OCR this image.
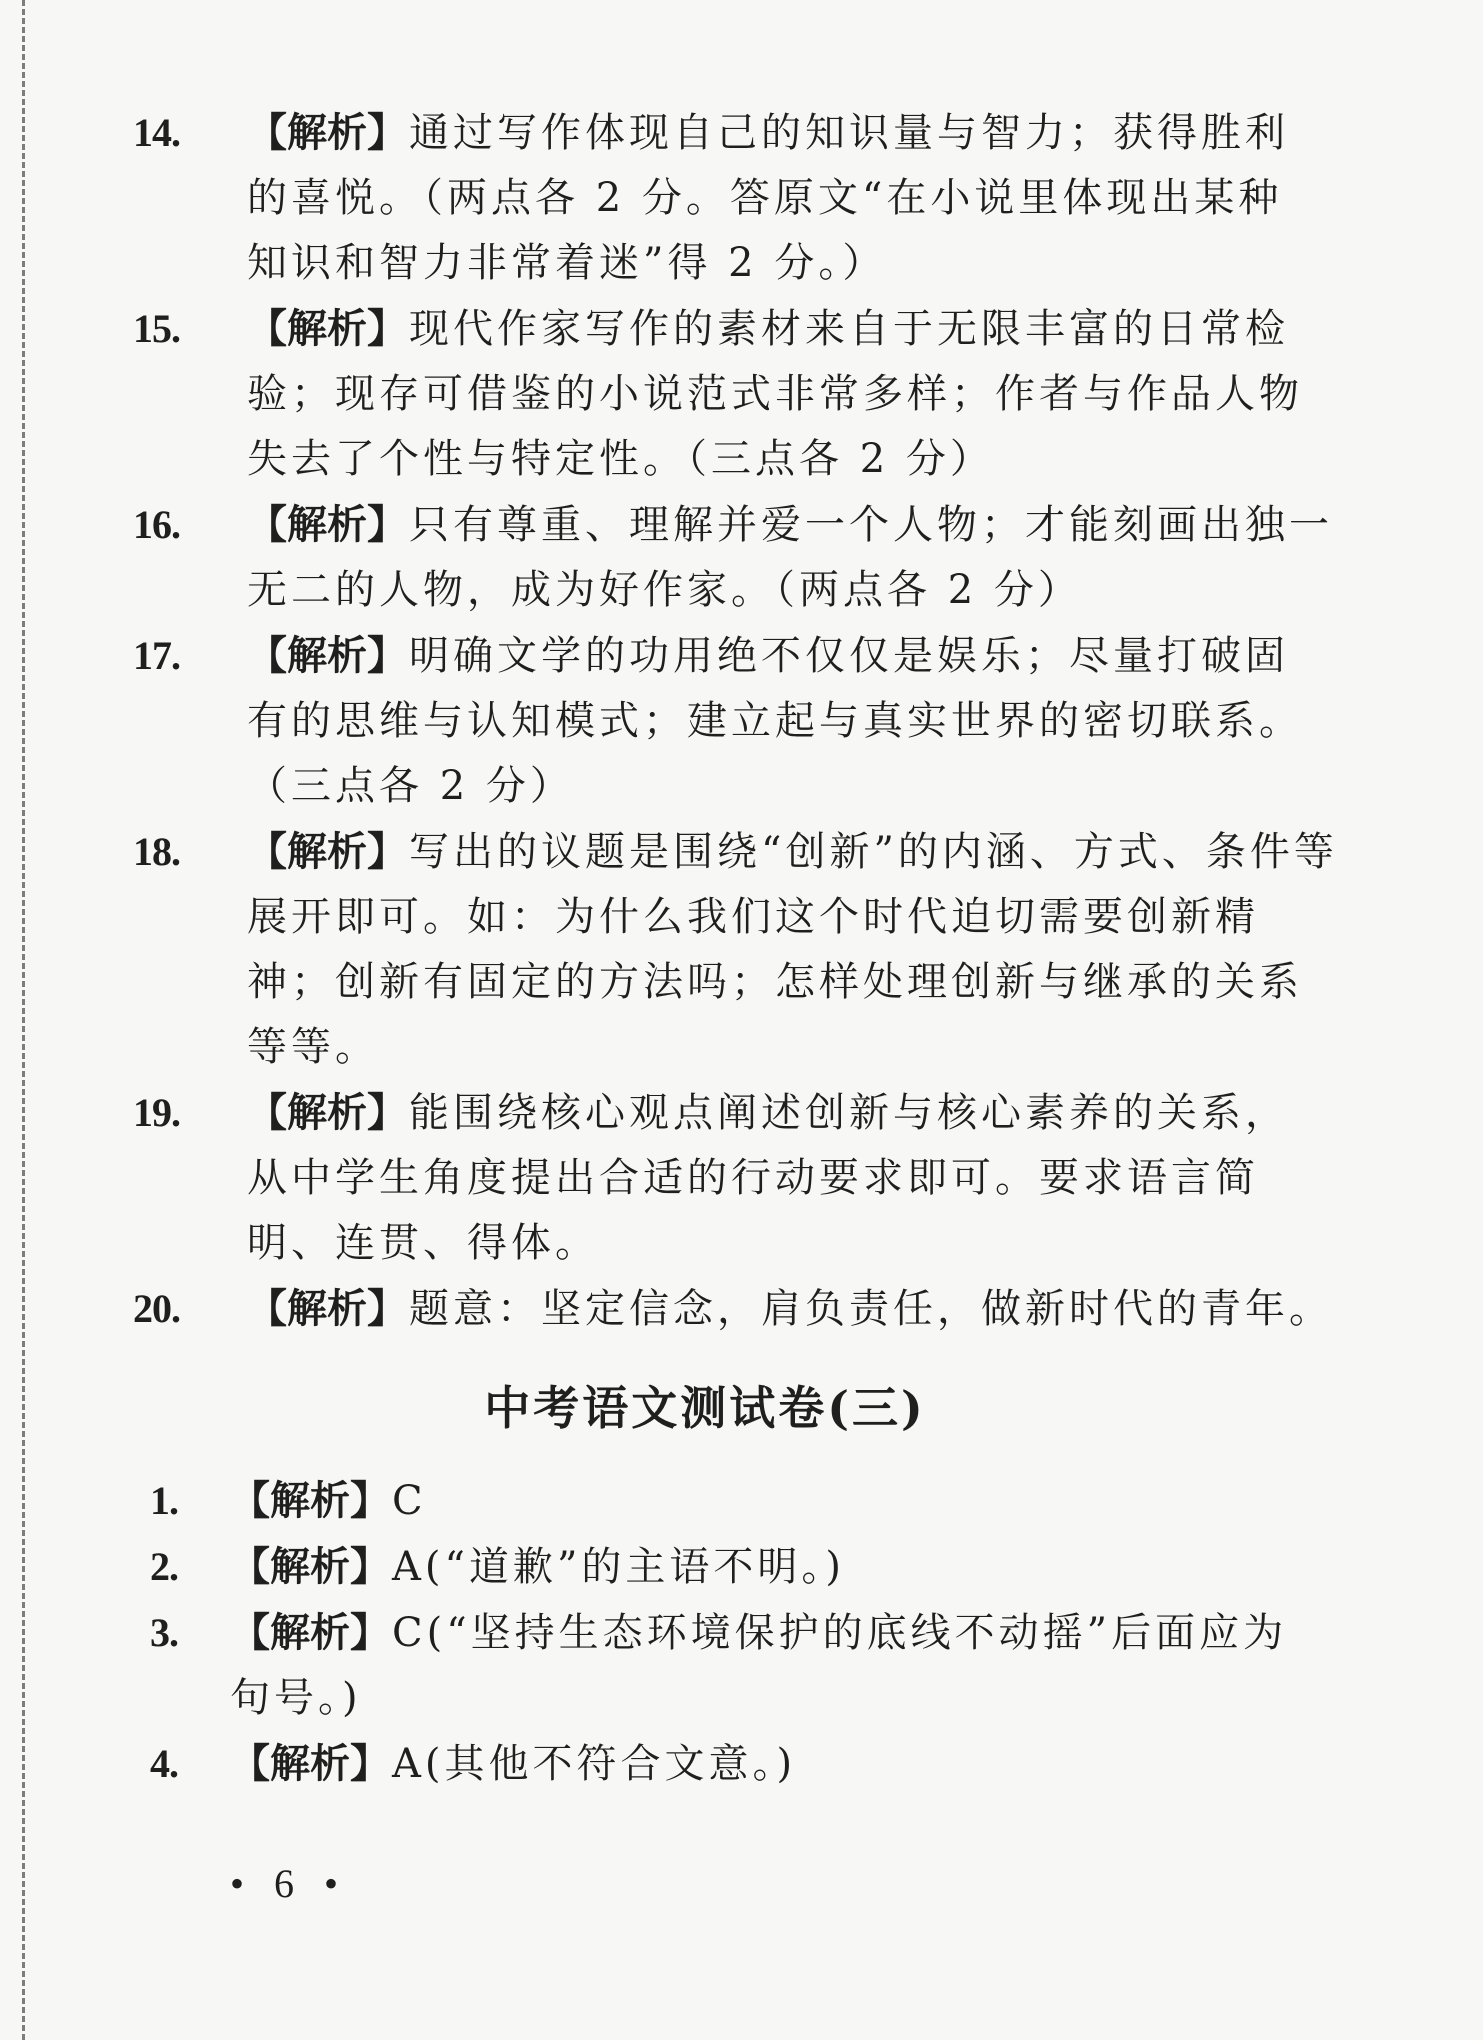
14. 【解析】通过写作体现自己的知识量与智力；获得胜利
的喜悦。（两点各 2 分。答原文“在小说里体现出某种
知识和智力非常着迷”得 2 分。）
15. 【解析】现代作家写作的素材来自于无限丰富的日常检
验；现存可借鉴的小说范式非常多样；作者与作品人物
失去了个性与特定性。（三点各 2 分）
16. 【解析】只有尊重、理解并爱一个人物；才能刻画出独一
无二的人物，成为好作家。（两点各 2 分）
17. 【解析】明确文学的功用绝不仅仅是娱乐；尽量打破固
有的思维与认知模式；建立起与真实世界的密切联系。
（三点各 2 分）
18. 【解析】写出的议题是围绕“创新”的内涵、方式、条件等
展开即可。如：为什么我们这个时代迫切需要创新精
神；创新有固定的方法吗；怎样处理创新与继承的关系
等等。
19. 【解析】能围绕核心观点阐述创新与核心素养的关系，
从中学生角度提出合适的行动要求即可。要求语言简
明、连贯、得体。
20. 【解析】题意：坚定信念，肩负责任，做新时代的青年。
中考语文测试卷(三)
1.	【解析】C
2.	【解析】A(“道歉”的主语不明。)
3.	【解析】C(“坚持生态环境保护的底线不动摇”后面应为
句号。)
4.	【解析】A(其他不符合文意。)
• 6 •
